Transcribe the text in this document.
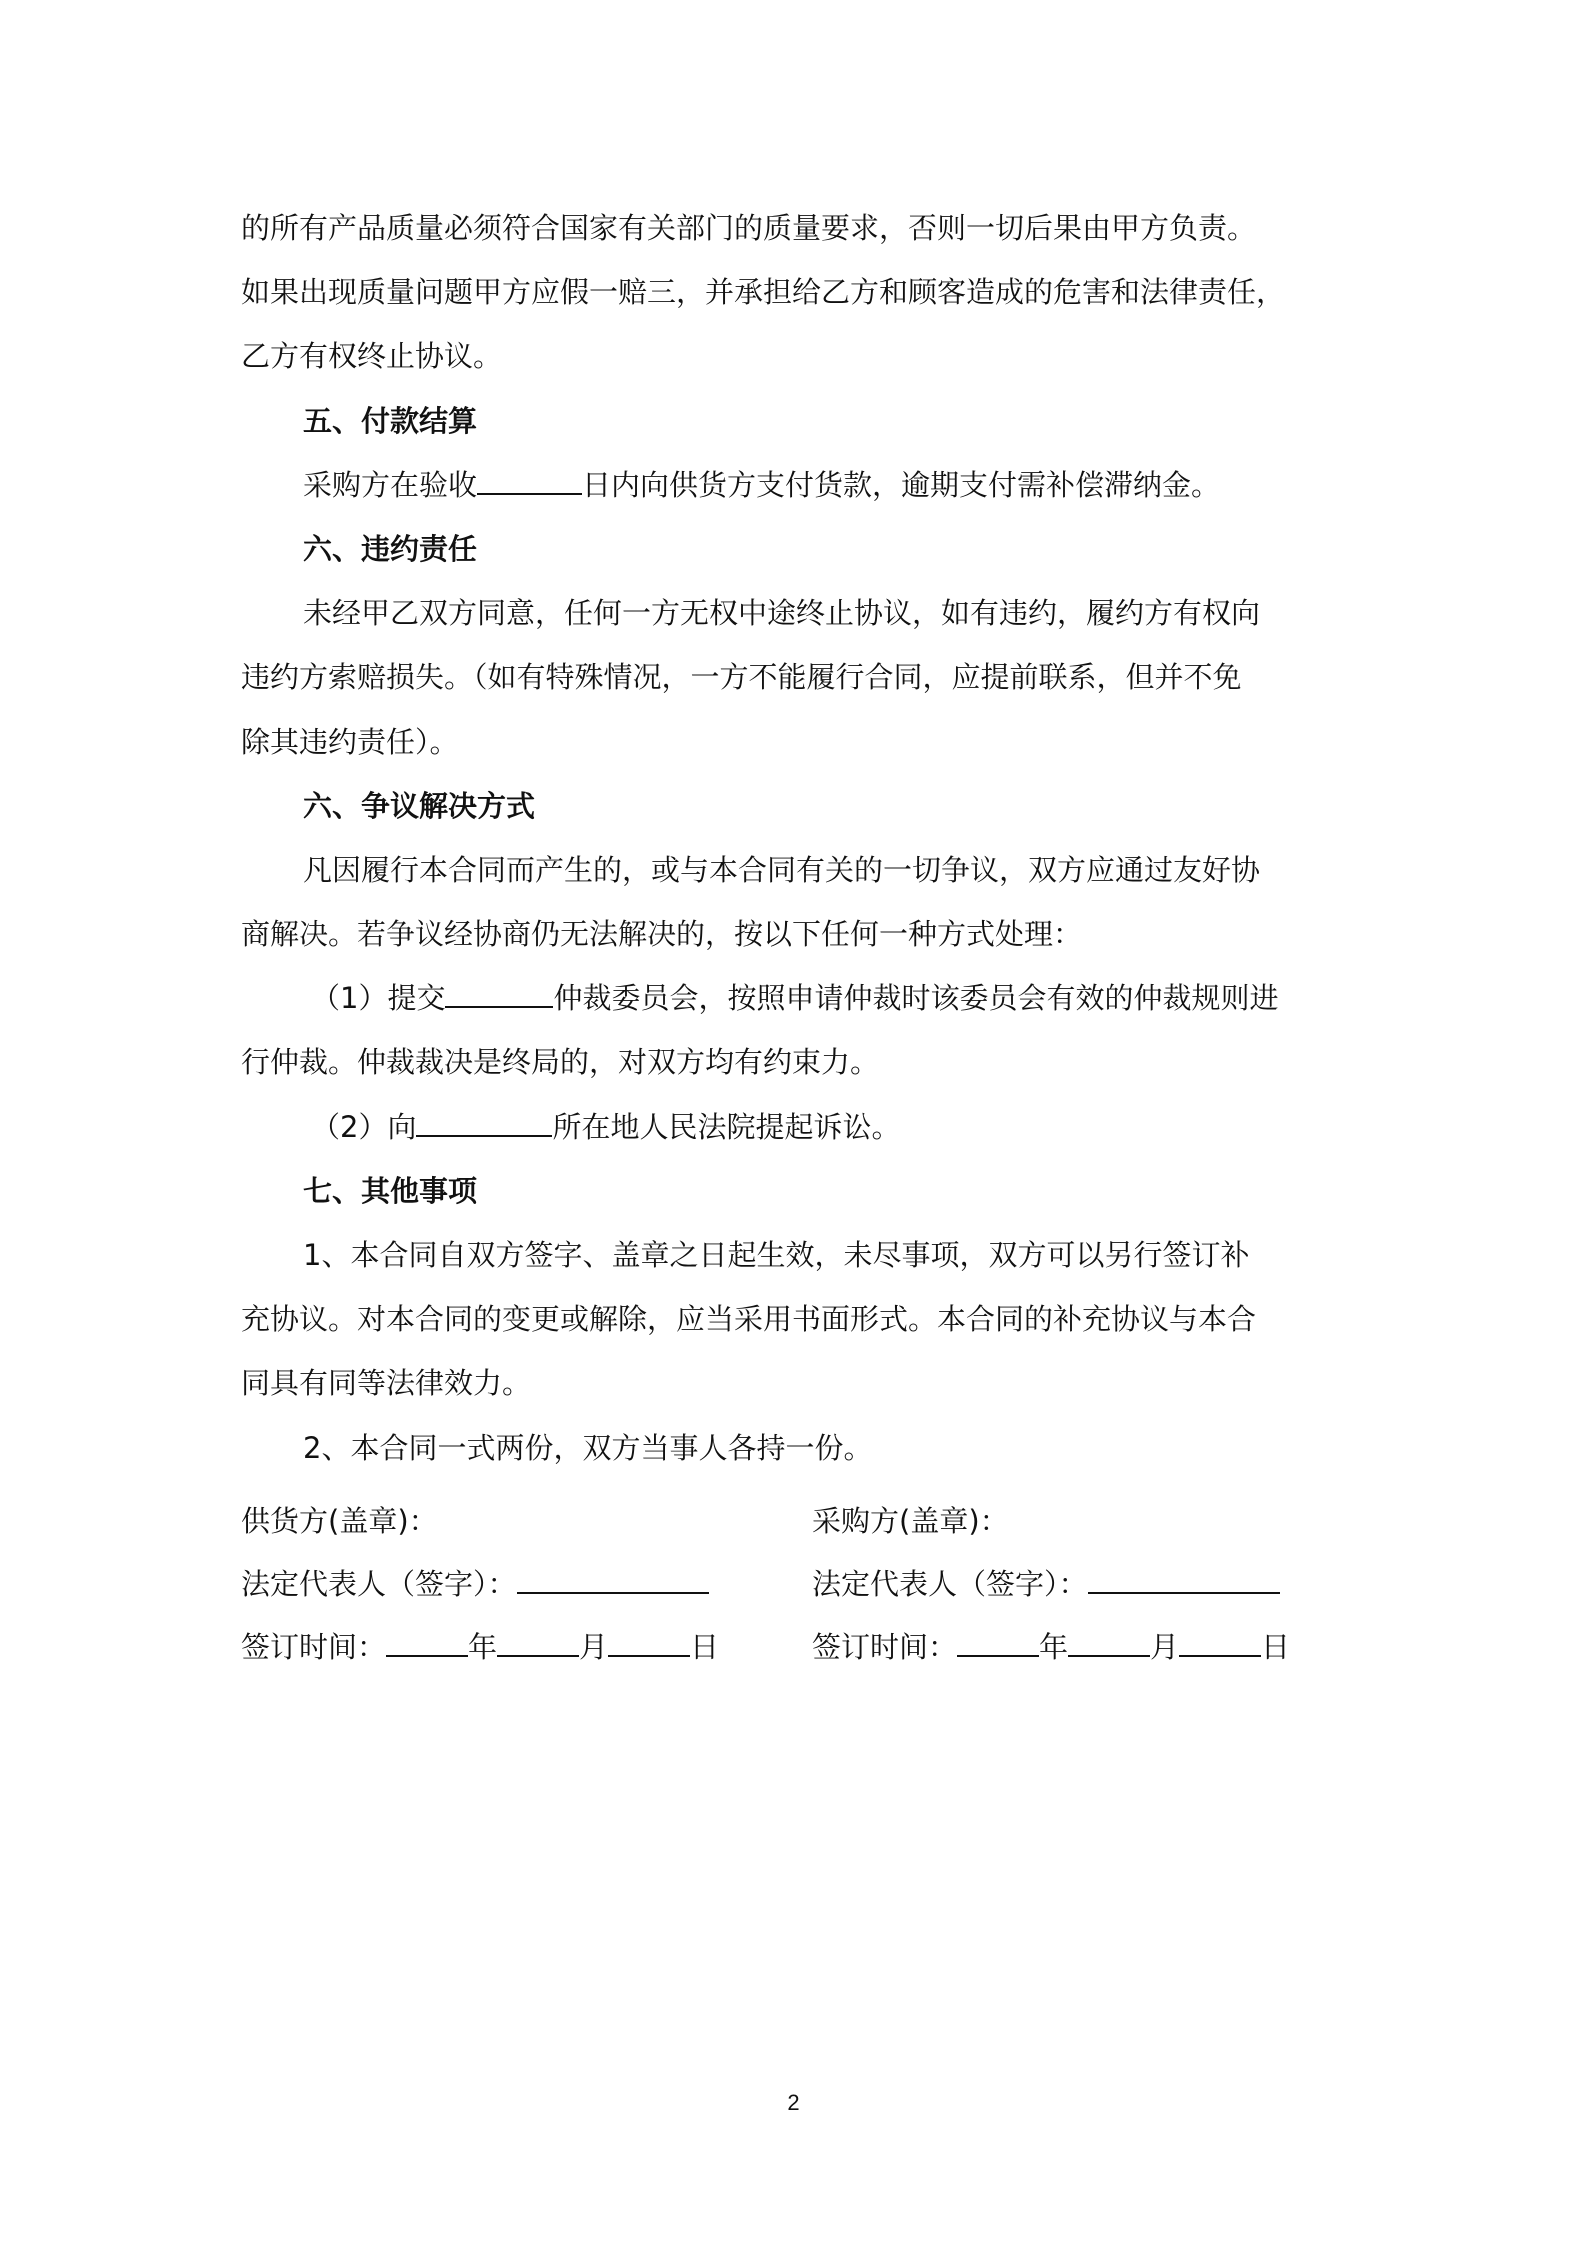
的所有产品质量必须符合国家有关部门的质量要求，否则一切后果由甲方负责。

如果出现质量问题甲方应假一赔三，并承担给乙方和顾客造成的危害和法律责任，

乙方有权终止协议。

五、付款结算

采购方在验收	日内向供货方支付货款，逾期支付需补偿滞纳金。

六、违约责任

未经甲乙双方同意，任何一方无权中途终止协议，如有违约，履约方有权向

违约方索赔损失。（如有特殊情况，一方不能履行合同，应提前联系，但并不免

除其违约责任）。

六、争议解决方式

凡因履行本合同而产生的，或与本合同有关的一切争议，双方应通过友好协

商解决。若争议经协商仍无法解决的，按以下任何一种方式处理：

（1）提交	仲裁委员会，按照申请仲裁时该委员会有效的仲裁规则进

行仲裁。仲裁裁决是终局的，对双方均有约束力。

（2）向	所在地人民法院提起诉讼。

七、其他事项

1、本合同自双方签字、盖章之日起生效，未尽事项，双方可以另行签订补

充协议。对本合同的变更或解除，应当采用书面形式。本合同的补充协议与本合

同具有同等法律效力。

2、本合同一式两份，双方当事人各持一份。

供货方(盖章)：

法定代表人（签字）：

签订时间：	年	月	日

采购方(盖章)：

法定代表人（签字）：

签订时间：	年	月	日

2
